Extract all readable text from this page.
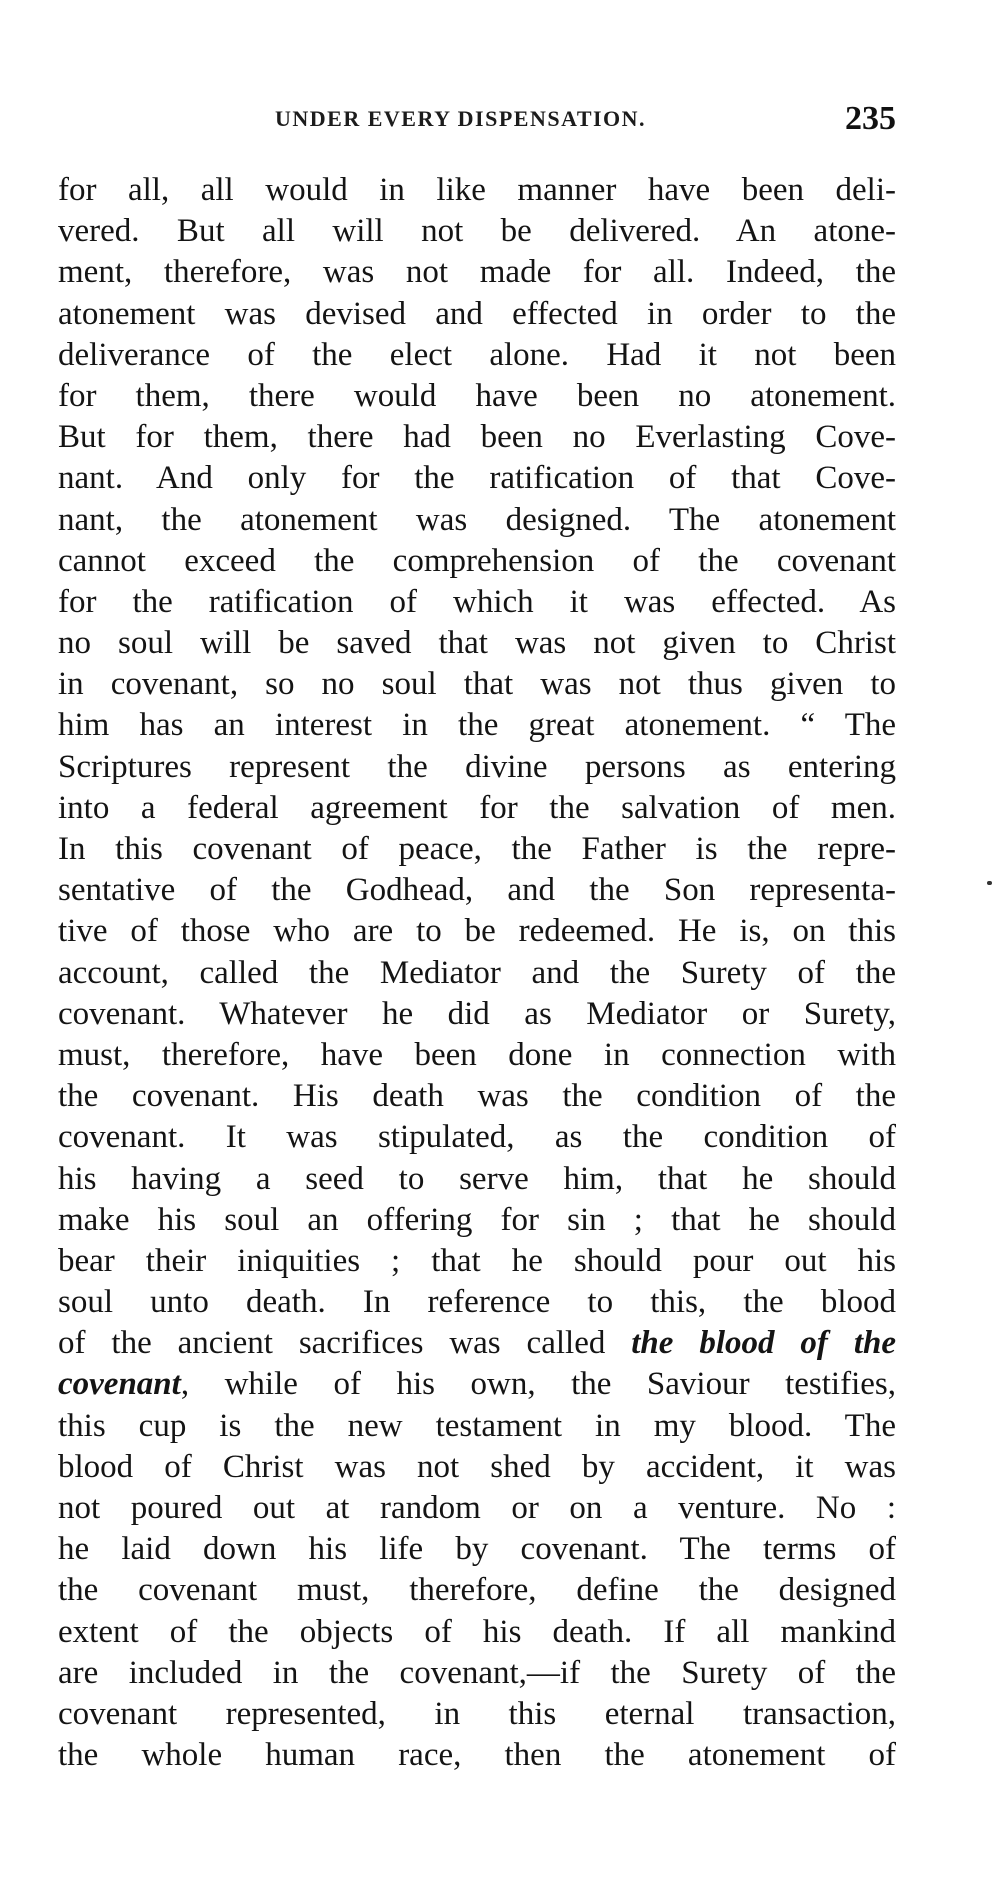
UNDER EVERY DISPENSATION.	235
for all, all would in like manner have been deli-
vered. But all will not be delivered. An atone-
ment, therefore, was not made for all. Indeed, the
atonement was devised and effected in order to the
deliverance of the elect alone. Had it not been
for them, there would have been no atonement.
But for them, there had been no Everlasting Cove-
nant. And only for the ratification of that Cove-
nant, the atonement was designed. The atonement
cannot exceed the comprehension of the covenant
for the ratification of which it was effected. As
no soul will be saved that was not given to Christ
in covenant, so no soul that was not thus given to
him has an interest in the great atonement. “ The
Scriptures represent the divine persons as entering
into a federal agreement for the salvation of men.
In this covenant of peace, the Father is the repre-
sentative of the Godhead, and the Son representa-
tive of those who are to be redeemed. He is, on this
account, called the Mediator and the Surety of the
covenant. Whatever he did as Mediator or Surety,
must, therefore, have been done in connection with
the covenant. His death was the condition of the
covenant. It was stipulated, as the condition of
his having a seed to serve him, that he should
make his soul an offering for sin ; that he should
bear their iniquities ; that he should pour out his
soul unto death. In reference to this, the blood
of the ancient sacrifices was called the blood of the
covenant, while of his own, the Saviour testifies,
this cup is the new testament in my blood. The
blood of Christ was not shed by accident, it was
not poured out at random or on a venture. No :
he laid down his life by covenant. The terms of
the covenant must, therefore, define the designed
extent of the objects of his death. If all mankind
are included in the covenant,—if the Surety of the
covenant represented, in this eternal transaction,
the whole human race, then the atonement of
